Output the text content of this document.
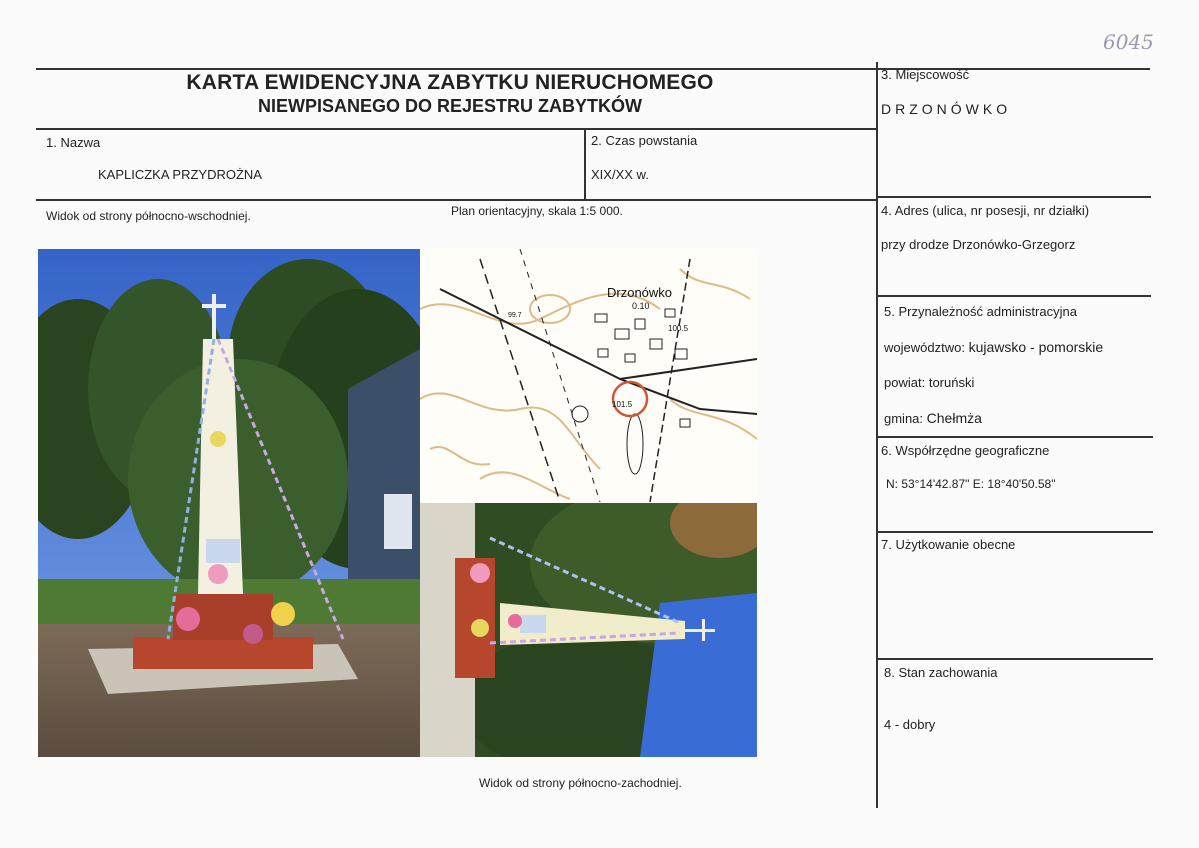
6045
KARTA EWIDENCYJNA ZABYTKU NIERUCHOMEGO
NIEWPISANEGO DO REJESTRU ZABYTKÓW
1. Nazwa
KAPLICZKA PRZYDROŻNA
2. Czas powstania
XIX/XX w.
3. Miejscowość
DRZONÓWKO
4. Adres (ulica, nr posesji, nr działki)
przy drodze Drzonówko-Grzegorz
5. Przynależność administracyjna
województwo: kujawsko - pomorskie
powiat: toruński
gmina: Chełmża
6. Współrzędne geograficzne
N: 53°14'42.87" E: 18°40'50.58"
7. Użytkowanie obecne
8. Stan zachowania
4 - dobry
Widok od strony północno-wschodniej.	Plan orientacyjny, skala 1:5 000.
Widok od strony północno-zachodniej.
Drzonówko
0.10
100.5
101.5
99.7
